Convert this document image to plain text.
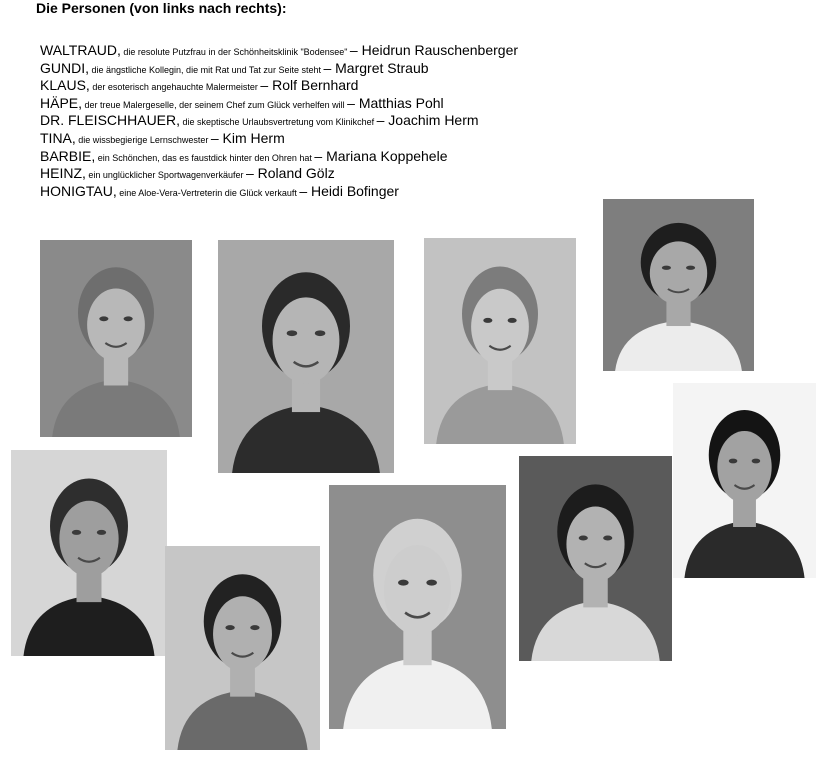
Die Personen (von links nach rechts):
WALTRAUD, die resolute Putzfrau in der Schönheitsklinik "Bodensee" – Heidrun Rauschenberger
GUNDI, die ängstliche Kollegin, die mit Rat und Tat zur Seite steht – Margret Straub
KLAUS, der esoterisch angehauchte Malermeister – Rolf Bernhard
HÄPE, der treue Malergeselle, der seinem Chef zum Glück verhelfen will – Matthias Pohl
DR. FLEISCHHAUER, die skeptische Urlaubsvertretung vom Klinikchef – Joachim Herm
TINA, die wissbegierige Lernschwester – Kim Herm
BARBIE, ein Schönchen, das es faustdick hinter den Ohren hat – Mariana Koppehele
HEINZ, ein unglücklicher Sportwagenverkäufer – Roland Gölz
HONIGTAU, eine Aloe-Vera-Vertreterin die Glück verkauft – Heidi Bofinger
